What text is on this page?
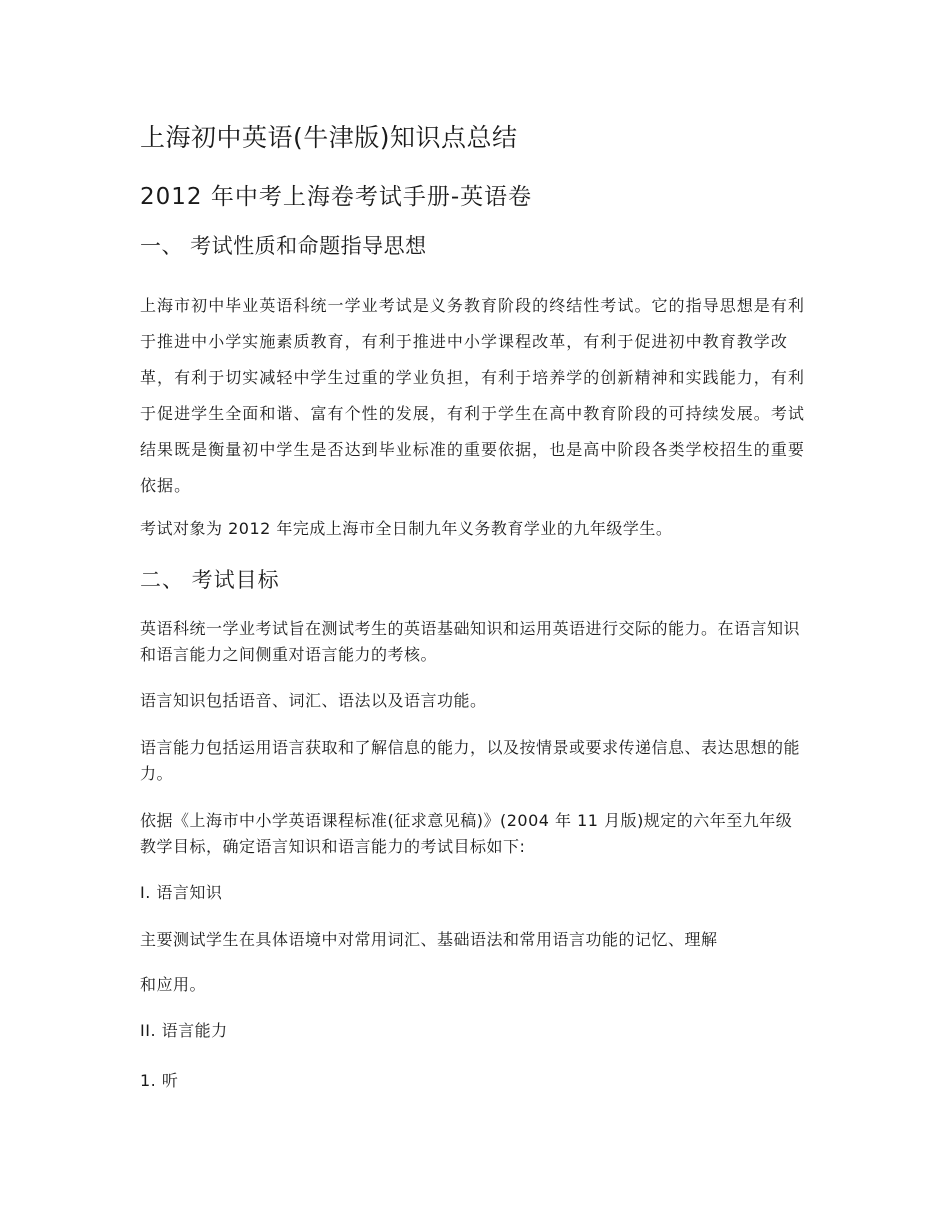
上海初中英语(牛津版)知识点总结
2012 年中考上海卷考试手册-英语卷
一、 考试性质和命题指导思想

上海市初中毕业英语科统一学业考试是义务教育阶段的终结性考试。它的指导思想是有利于推进中小学实施素质教育，有利于推进中小学课程改革，有利于促进初中教育教学改革，有利于切实减轻中学生过重的学业负担，有利于培养学的创新精神和实践能力，有利于促进学生全面和谐、富有个性的发展，有利于学生在高中教育阶段的可持续发展。考试结果既是衡量初中学生是否达到毕业标准的重要依据，也是高中阶段各类学校招生的重要依据。

考试对象为 2012 年完成上海市全日制九年义务教育学业的九年级学生。

二、 考试目标

英语科统一学业考试旨在测试考生的英语基础知识和运用英语进行交际的能力。在语言知识和语言能力之间侧重对语言能力的考核。

语言知识包括语音、词汇、语法以及语言功能。

语言能力包括运用语言获取和了解信息的能力，以及按情景或要求传递信息、表达思想的能力。

依据《上海市中小学英语课程标准(征求意见稿)》(2004 年 11 月版)规定的六年至九年级教学目标，确定语言知识和语言能力的考试目标如下:

I. 语言知识

主要测试学生在具体语境中对常用词汇、基础语法和常用语言功能的记忆、理解

和应用。

II. 语言能力

1. 听
